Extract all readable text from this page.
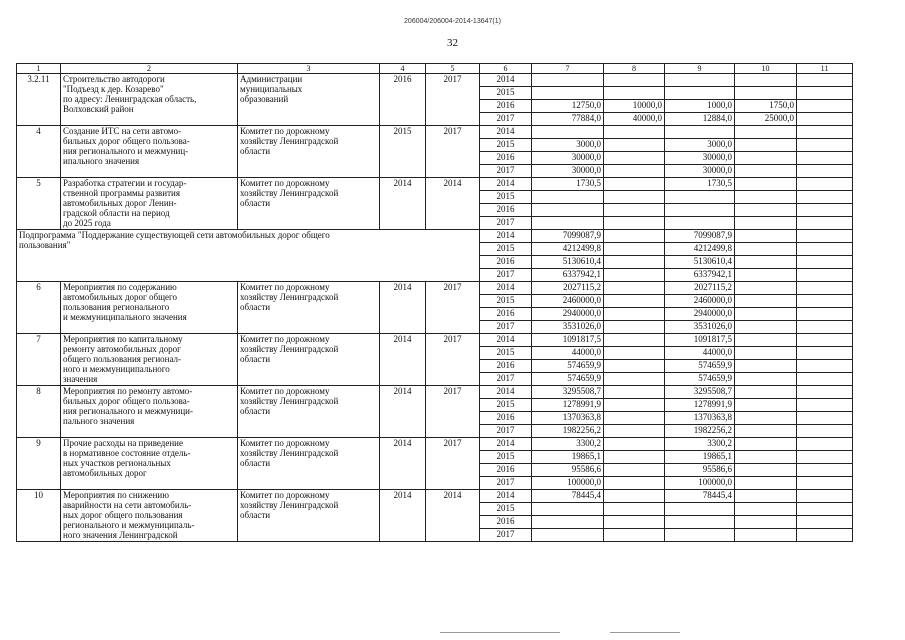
206004/206004-2014-13647(1)
32
1	2	3	4	5	6	7	8	9	10	11
3.2.11	Строительство автодороги
"Подъезд к дер. Козарево"
по адресу: Ленинградская область,
Волховский район	Администрации
муниципальных
образований	2016	2017	2014					
					2015					
					2016	12750,0	10000,0	1000,0	1750,0	
					2017	77884,0	40000,0	12884,0	25000,0	
4	Создание ИТС на сети автомо-
бильных дорог общего пользова-
ния регионального и межмуниц-
ипального значения	Комитет по дорожному
хозяйству Ленинградской
области	2015	2017	2014					
					2015	3000,0		3000,0		
					2016	30000,0		30000,0		
					2017	30000,0		30000,0		
5	Разработка стратегии и государ-
ственной программы развития
автомобильных дорог Ленин-
градской области на период
до 2025 года	Комитет по дорожному
хозяйству Ленинградской
области	2014	2014	2014	1730,5		1730,5		
					2015					
					2016					
					2017					
Подпрограмма "Поддержание существующей сети автомобильных дорог общего
пользования"					2014	7099087,9		7099087,9		
					2015	4212499,8		4212499,8		
					2016	5130610,4		5130610,4		
					2017	6337942,1		6337942,1		
6	Мероприятия по содержанию
автомобильных дорог общего
пользования регионального
и межмуниципального значения	Комитет по дорожному
хозяйству Ленинградской
области	2014	2017	2014	2027115,2		2027115,2		
					2015	2460000,0		2460000,0		
					2016	2940000,0		2940000,0		
					2017	3531026,0		3531026,0		
7	Мероприятия по капитальному
ремонту автомобильных дорог
общего пользования регионал-
ного и межмуниципального
значения	Комитет по дорожному
хозяйству Ленинградской
области	2014	2017	2014	1091817,5		1091817,5		
					2015	44000,0		44000,0		
					2016	574659,9		574659,9		
					2017	574659,9		574659,9		
8	Мероприятия по ремонту автомо-
бильных дорог общего пользова-
ния регионального и межмуници-
пального значения	Комитет по дорожному
хозяйству Ленинградской
области	2014	2017	2014	3295508,7		3295508,7		
					2015	1278991,9		1278991,9		
					2016	1370363,8		1370363,8		
					2017	1982256,2		1982256,2		
9	Прочие расходы на приведение
в нормативное состояние отдель-
ных участков региональных
автомобильных дорог	Комитет по дорожному
хозяйству Ленинградской
области	2014	2017	2014	3300,2		3300,2		
					2015	19865,1		19865,1		
					2016	95586,6		95586,6		
					2017	100000,0		100000,0		
10	Мероприятия по снижению
аварийности на сети автомобиль-
ных дорог общего пользования
регионального и межмуниципаль-
ного значения Ленинградской	Комитет по дорожному
хозяйству Ленинградской
области	2014	2014	2014	78445,4		78445,4		
					2015					
					2016					
					2017					
